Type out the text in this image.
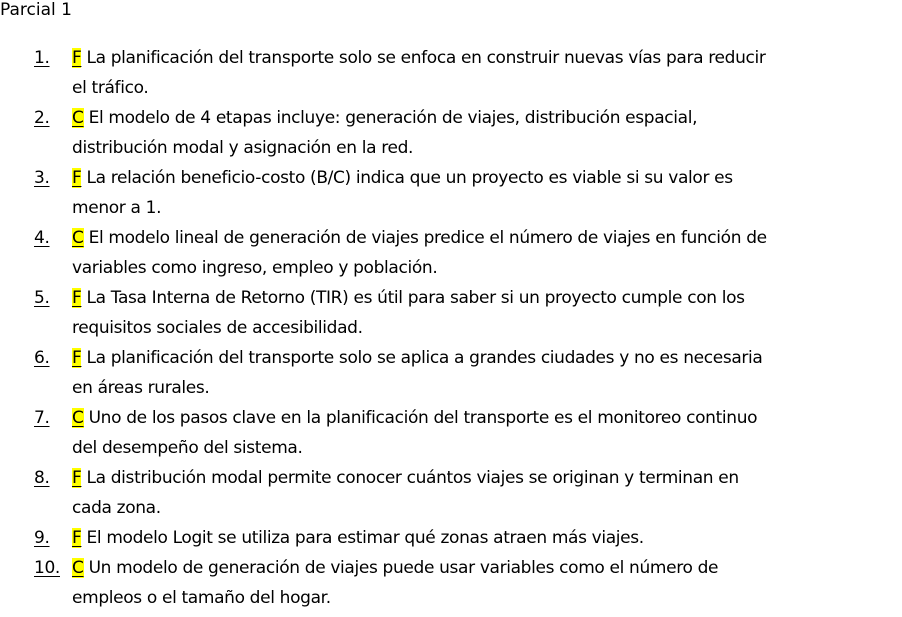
Parcial 1
1. F La planificación del transporte solo se enfoca en construir nuevas vías para reducir
el tráfico.
2. C El modelo de 4 etapas incluye: generación de viajes, distribución espacial,
distribución modal y asignación en la red.
3. F La relación beneficio-costo (B/C) indica que un proyecto es viable si su valor es
menor a 1.
4. C El modelo lineal de generación de viajes predice el número de viajes en función de
variables como ingreso, empleo y población.
5. F La Tasa Interna de Retorno (TIR) es útil para saber si un proyecto cumple con los
requisitos sociales de accesibilidad.
6. F La planificación del transporte solo se aplica a grandes ciudades y no es necesaria
en áreas rurales.
7. C Uno de los pasos clave en la planificación del transporte es el monitoreo continuo
del desempeño del sistema.
8. F La distribución modal permite conocer cuántos viajes se originan y terminan en
cada zona.
9. F El modelo Logit se utiliza para estimar qué zonas atraen más viajes.
10. C Un modelo de generación de viajes puede usar variables como el número de
empleos o el tamaño del hogar.
